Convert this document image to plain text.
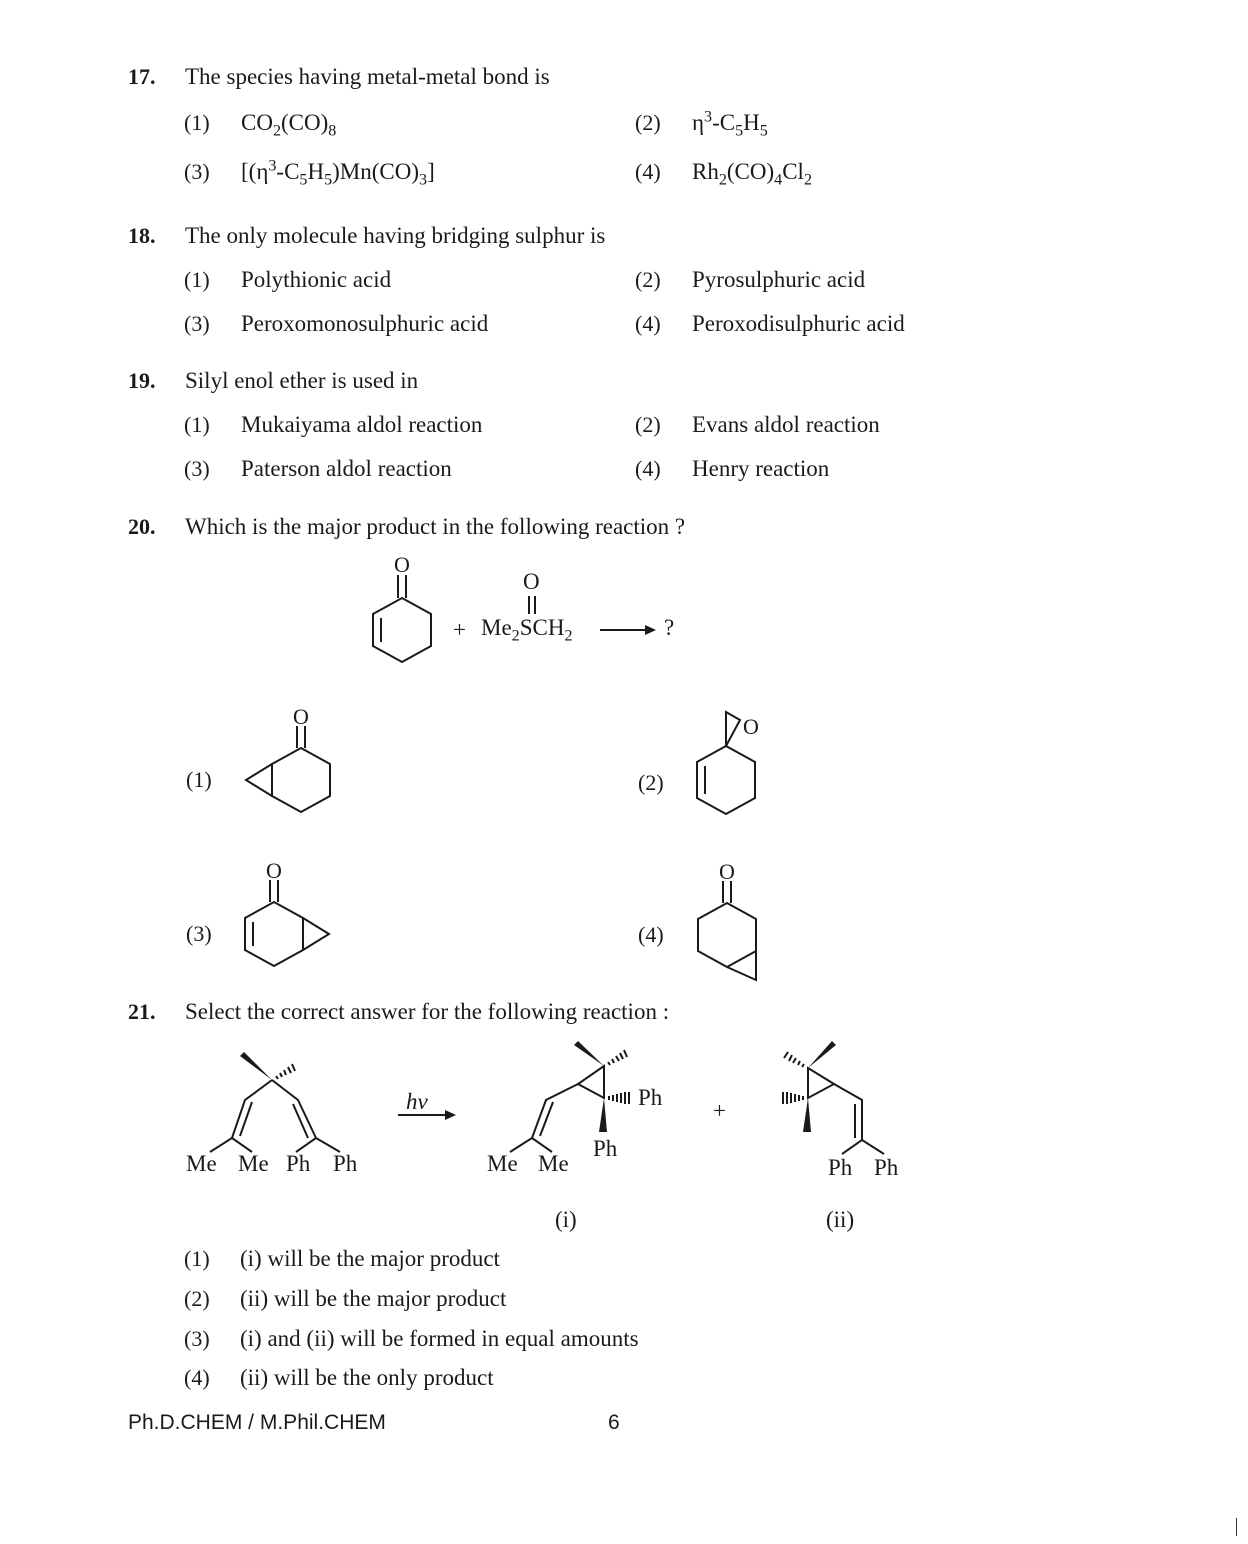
17. The species having metal-metal bond is
(1) $CO_2(CO)_8$	(2) $\eta^3-C_5H_5$
(3) $[(\eta^3-C_5H_5)Mn(CO)_3]$	(4) $Rh_2(CO)_4Cl_2$
18. The only molecule having bridging sulphur is
(1) Polythionic acid	(2) Pyrosulphuric acid
(3) Peroxomonosulphuric acid	(4) Peroxodisulphuric acid
19. Silyl enol ether is used in
(1) Mukaiyama aldol reaction	(2) Evans aldol reaction
(3) Paterson aldol reaction	(4) Henry reaction
20. Which is the major product in the following reaction ?
O
+
O
$Me_2SCH_2$	?
(1)
O
(2)
O
(3)
O
(4)
O
21. Select the correct answer for the following reaction :
Me Me Ph Ph
hν	Ph
Ph
Me Me
+
Ph Ph
(i)	(ii)
(1) (i) will be the major product
(2) (ii) will be the major product
(3) (i) and (ii) will be formed in equal amounts
(4) (ii) will be the only product
Ph.D.CHEM / M.Phil.CHEM	6
